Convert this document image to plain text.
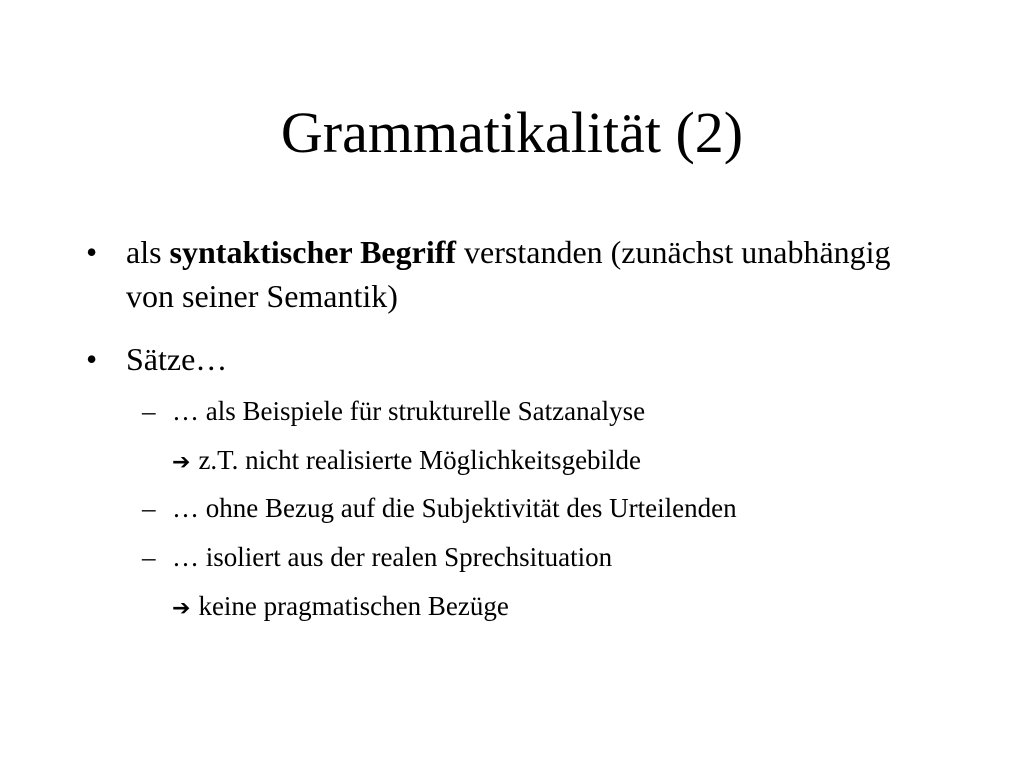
Grammatikalität (2)
• als syntaktischer Begriff verstanden (zunächst unabhängig von seiner Semantik)
• Sätze…
– … als Beispiele für strukturelle Satzanalyse
➔ z.T. nicht realisierte Möglichkeitsgebilde
– … ohne Bezug auf die Subjektivität des Urteilenden
– … isoliert aus der realen Sprechsituation
➔ keine pragmatischen Bezüge
